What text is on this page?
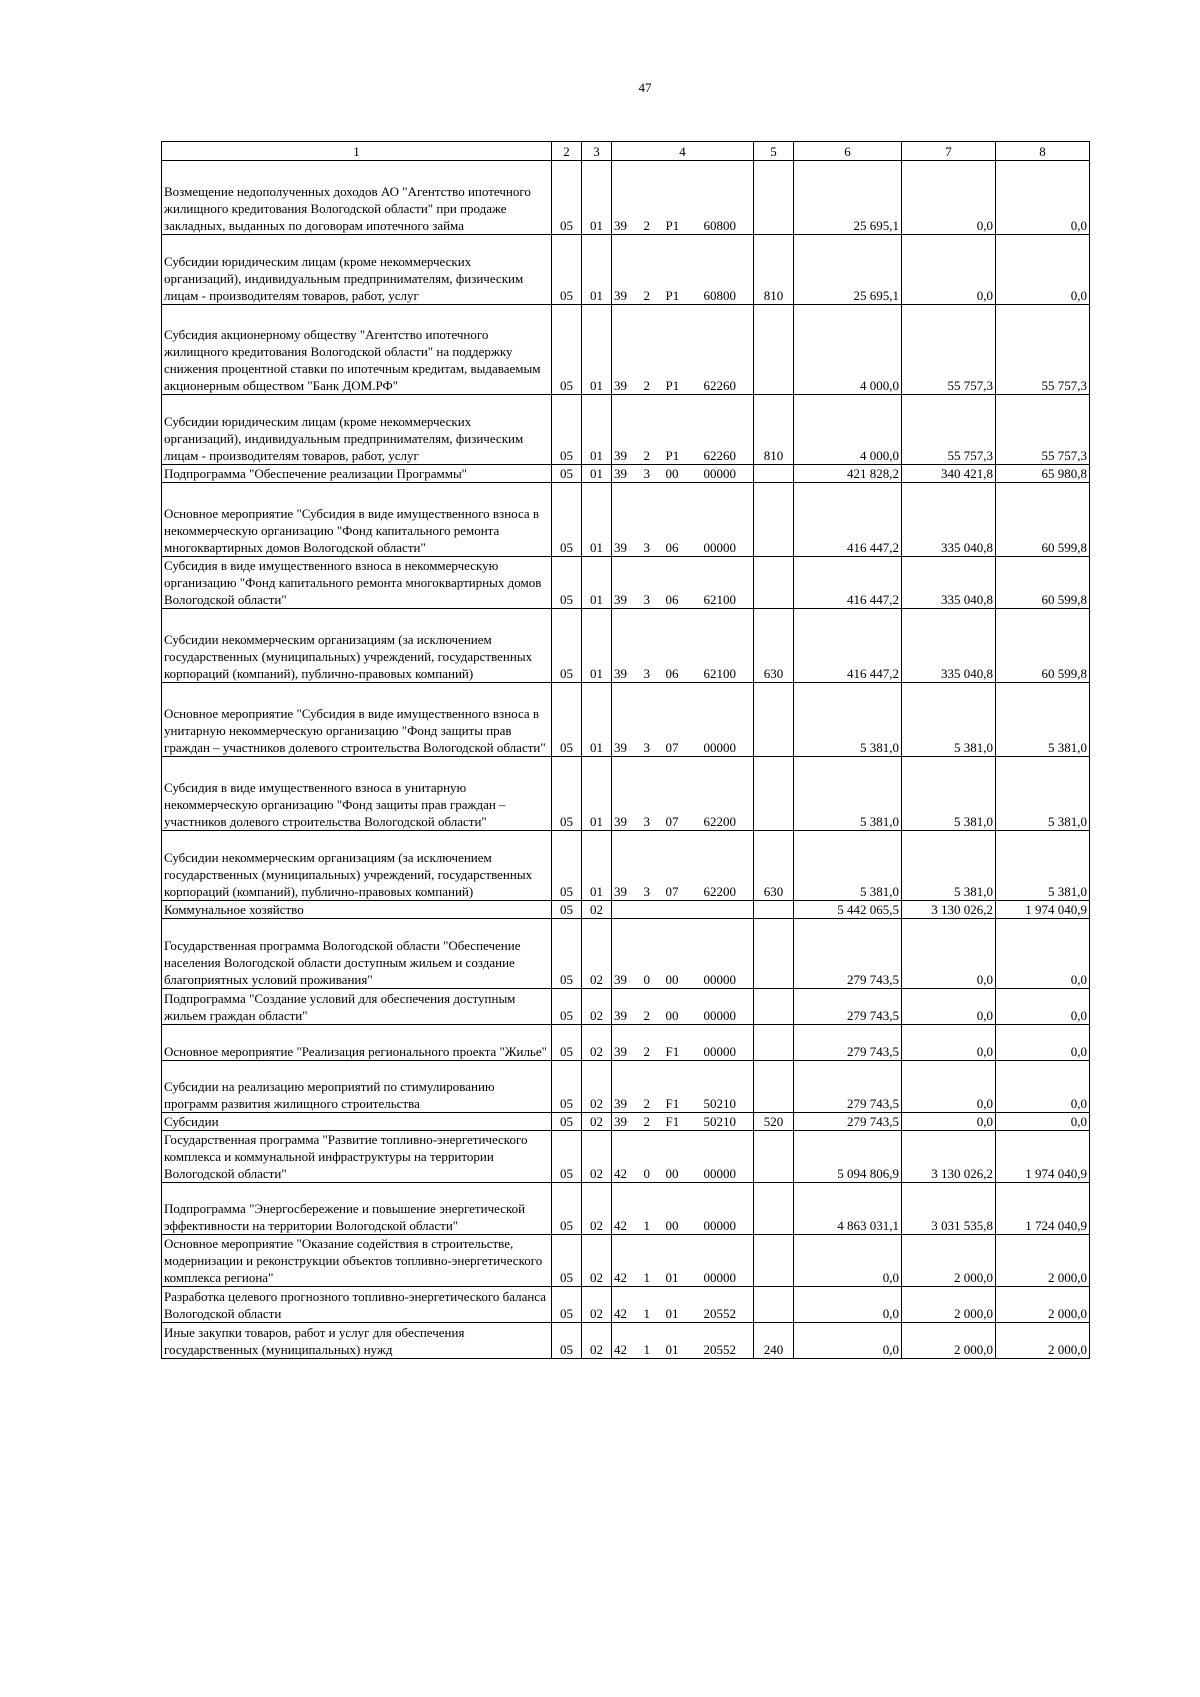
47
1	2	3	4				5	6	7	8
Возмещение недополученных доходов АО "Агентство ипотечного жилищного кредитования Вологодской области" при продаже закладных, выданных по договорам ипотечного займа	05	01	39	2	P1	60800		25 695,1	0,0	0,0
Субсидии юридическим лицам (кроме некоммерческих организаций), индивидуальным предпринимателям, физическим лицам - производителям товаров, работ, услуг	05	01	39	2	P1	60800	810	25 695,1	0,0	0,0
Субсидия акционерному обществу "Агентство ипотечного жилищного кредитования Вологодской области" на поддержку снижения процентной ставки по ипотечным кредитам, выдаваемым акционерным обществом "Банк ДОМ.РФ"	05	01	39	2	P1	62260		4 000,0	55 757,3	55 757,3
Субсидии юридическим лицам (кроме некоммерческих организаций), индивидуальным предпринимателям, физическим лицам - производителям товаров, работ, услуг	05	01	39	2	P1	62260	810	4 000,0	55 757,3	55 757,3
Подпрограмма "Обеспечение реализации Программы"	05	01	39	3	00	00000		421 828,2	340 421,8	65 980,8
Основное мероприятие "Субсидия в виде имущественного взноса в некоммерческую организацию "Фонд капитального ремонта многоквартирных домов Вологодской области"	05	01	39	3	06	00000		416 447,2	335 040,8	60 599,8
Субсидия в виде имущественного взноса в некоммерческую организацию "Фонд капитального ремонта многоквартирных домов Вологодской области"	05	01	39	3	06	62100		416 447,2	335 040,8	60 599,8
Субсидии некоммерческим организациям (за исключением государственных (муниципальных) учреждений, государственных корпораций (компаний), публично-правовых компаний)	05	01	39	3	06	62100	630	416 447,2	335 040,8	60 599,8
Основное мероприятие "Субсидия в виде имущественного взноса в унитарную некоммерческую организацию "Фонд защиты прав граждан – участников долевого строительства Вологодской области"	05	01	39	3	07	00000		5 381,0	5 381,0	5 381,0
Субсидия в виде имущественного взноса в унитарную некоммерческую организацию "Фонд защиты прав граждан – участников долевого строительства Вологодской области"	05	01	39	3	07	62200		5 381,0	5 381,0	5 381,0
Субсидии некоммерческим организациям (за исключением государственных (муниципальных) учреждений, государственных корпораций (компаний), публично-правовых компаний)	05	01	39	3	07	62200	630	5 381,0	5 381,0	5 381,0
Коммунальное хозяйство	05	02						5 442 065,5	3 130 026,2	1 974 040,9
Государственная программа Вологодской области "Обеспечение населения Вологодской области доступным жильем и создание благоприятных условий проживания"	05	02	39	0	00	00000		279 743,5	0,0	0,0
Подпрограмма "Создание условий для обеспечения доступным жильем граждан области"	05	02	39	2	00	00000		279 743,5	0,0	0,0
Основное мероприятие "Реализация регионального проекта "Жилье"	05	02	39	2	F1	00000		279 743,5	0,0	0,0
Субсидии на реализацию мероприятий по стимулированию программ развития жилищного строительства	05	02	39	2	F1	50210		279 743,5	0,0	0,0
Субсидии	05	02	39	2	F1	50210	520	279 743,5	0,0	0,0
Государственная программа "Развитие топливно-энергетического комплекса и коммунальной инфраструктуры на территории Вологодской области"	05	02	42	0	00	00000		5 094 806,9	3 130 026,2	1 974 040,9
Подпрограмма "Энергосбережение и повышение энергетической эффективности на территории Вологодской области"	05	02	42	1	00	00000		4 863 031,1	3 031 535,8	1 724 040,9
Основное мероприятие "Оказание содействия в строительстве, модернизации и реконструкции объектов топливно-энергетического комплекса региона"	05	02	42	1	01	00000		0,0	2 000,0	2 000,0
Разработка целевого прогнозного топливно-энергетического баланса Вологодской области	05	02	42	1	01	20552		0,0	2 000,0	2 000,0
Иные закупки товаров, работ и услуг для обеспечения государственных (муниципальных) нужд	05	02	42	1	01	20552	240	0,0	2 000,0	2 000,0
